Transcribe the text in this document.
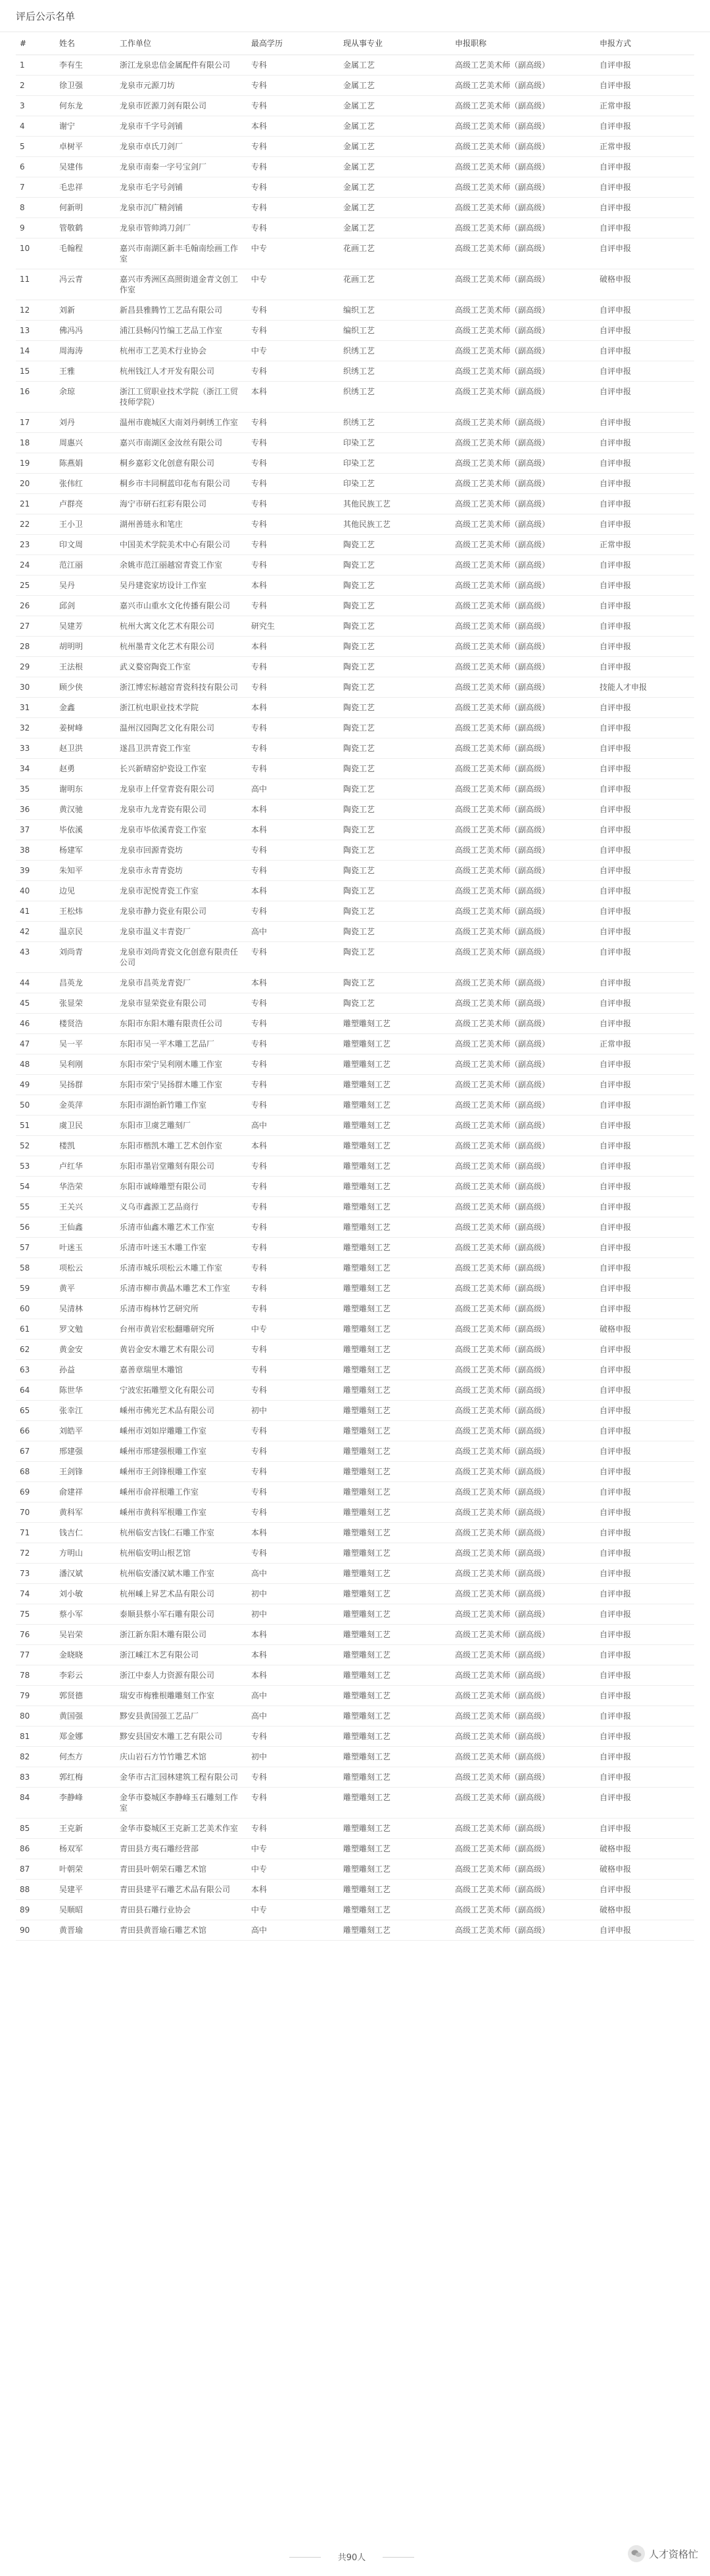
评后公示名单
#	姓名	工作单位	最高学历	现从事专业	申报职称	申报方式
1	李有生	浙江龙泉忠信金属配件有限公司	专科	金属工艺	高级工艺美术师（副高级）	自评申报
2	徐卫强	龙泉市元源刀坊	专科	金属工艺	高级工艺美术师（副高级）	自评申报
3	何东龙	龙泉市匠源刀剑有限公司	专科	金属工艺	高级工艺美术师（副高级）	正常申报
4	谢宁	龙泉市千字号剑铺	本科	金属工艺	高级工艺美术师（副高级）	自评申报
5	卓树平	龙泉市卓氏刀剑厂	专科	金属工艺	高级工艺美术师（副高级）	正常申报
6	吴建伟	龙泉市南秦一字号宝剑厂	专科	金属工艺	高级工艺美术师（副高级）	自评申报
7	毛忠祥	龙泉市毛字号剑铺	专科	金属工艺	高级工艺美术师（副高级）	自评申报
8	何新明	龙泉市沉广精剑铺	专科	金属工艺	高级工艺美术师（副高级）	自评申报
9	管敬鹤	龙泉市管帅鸿刀剑厂	专科	金属工艺	高级工艺美术师（副高级）	自评申报
10	毛翰程	嘉兴市南湖区新丰毛翰南绘画工作室	中专	花画工艺	高级工艺美术师（副高级）	自评申报
11	冯云青	嘉兴市秀洲区高照街道金青文创工作室	中专	花画工艺	高级工艺美术师（副高级）	破格申报
12	刘新	新昌县雅腾竹工艺品有限公司	专科	编织工艺	高级工艺美术师（副高级）	自评申报
13	佛冯冯	浦江县畅闪竹编工艺品工作室	专科	编织工艺	高级工艺美术师（副高级）	自评申报
14	周海涛	杭州市工艺美术行业协会	中专	织绣工艺	高级工艺美术师（副高级）	自评申报
15	王雅	杭州钱江人才开发有限公司	专科	织绣工艺	高级工艺美术师（副高级）	自评申报
16	余琼	浙江工贸职业技术学院（浙江工贸技师学院）	本科	织绣工艺	高级工艺美术师（副高级）	自评申报
17	刘丹	温州市鹿城区大南刘丹刺绣工作室	专科	织绣工艺	高级工艺美术师（副高级）	自评申报
18	周惠兴	嘉兴市南湖区金汝丝有限公司	专科	印染工艺	高级工艺美术师（副高级）	自评申报
19	陈燕娟	桐乡嘉彩文化创意有限公司	专科	印染工艺	高级工艺美术师（副高级）	自评申报
20	张伟红	桐乡市丰同桐蓝印花布有限公司	专科	印染工艺	高级工艺美术师（副高级）	自评申报
21	卢群亮	海宁市研石红彩有限公司	专科	其他民族工艺	高级工艺美术师（副高级）	自评申报
22	王小卫	湖州善琏永和笔庄	专科	其他民族工艺	高级工艺美术师（副高级）	自评申报
23	印文周	中国美术学院美术中心有限公司	专科	陶瓷工艺	高级工艺美术师（副高级）	正常申报
24	范江丽	余姚市范江丽越窑青瓷工作室	专科	陶瓷工艺	高级工艺美术师（副高级）	自评申报
25	吴丹	吴丹建瓷家坊设计工作室	本科	陶瓷工艺	高级工艺美术师（副高级）	自评申报
26	邱剑	嘉兴市山重水文化传播有限公司	专科	陶瓷工艺	高级工艺美术师（副高级）	自评申报
27	吴建芳	杭州大寓文化艺术有限公司	研究生	陶瓷工艺	高级工艺美术师（副高级）	自评申报
28	胡明明	杭州墨青文化艺术有限公司	本科	陶瓷工艺	高级工艺美术师（副高级）	自评申报
29	王法根	武义婺窑陶瓷工作室	专科	陶瓷工艺	高级工艺美术师（副高级）	自评申报
30	顾少侠	浙江博宏标越窑青瓷科技有限公司	专科	陶瓷工艺	高级工艺美术师（副高级）	技能人才申报
31	金鑫	浙江杭电职业技术学院	本科	陶瓷工艺	高级工艺美术师（副高级）	自评申报
32	姜树峰	温州汉园陶艺文化有限公司	专科	陶瓷工艺	高级工艺美术师（副高级）	自评申报
33	赵卫洪	遂昌卫洪青瓷工作室	专科	陶瓷工艺	高级工艺美术师（副高级）	自评申报
34	赵勇	长兴新晴窑炉瓷设工作室	专科	陶瓷工艺	高级工艺美术师（副高级）	自评申报
35	谢明东	龙泉市上仟堂青瓷有限公司	高中	陶瓷工艺	高级工艺美术师（副高级）	自评申报
36	黄汉驰	龙泉市九龙青瓷有限公司	本科	陶瓷工艺	高级工艺美术师（副高级）	自评申报
37	毕依溪	龙泉市毕依溪青瓷工作室	本科	陶瓷工艺	高级工艺美术师（副高级）	自评申报
38	杨建军	龙泉市回源青瓷坊	专科	陶瓷工艺	高级工艺美术师（副高级）	自评申报
39	朱知平	龙泉市永青青瓷坊	专科	陶瓷工艺	高级工艺美术师（副高级）	自评申报
40	边见	龙泉市泥悦青瓷工作室	本科	陶瓷工艺	高级工艺美术师（副高级）	自评申报
41	王松炜	龙泉市静力瓷业有限公司	专科	陶瓷工艺	高级工艺美术师（副高级）	自评申报
42	温京民	龙泉市温义丰青瓷厂	高中	陶瓷工艺	高级工艺美术师（副高级）	自评申报
43	刘尚青	龙泉市刘尚青瓷文化创意有限责任公司	专科	陶瓷工艺	高级工艺美术师（副高级）	自评申报
44	昌英龙	龙泉市昌英龙青瓷厂	本科	陶瓷工艺	高级工艺美术师（副高级）	自评申报
45	张显荣	龙泉市显荣瓷业有限公司	专科	陶瓷工艺	高级工艺美术师（副高级）	自评申报
46	楼贤浩	东阳市东阳木雕有限责任公司	专科	雕塑雕刻工艺	高级工艺美术师（副高级）	自评申报
47	吴一平	东阳市吴一平木雕工艺品厂	专科	雕塑雕刻工艺	高级工艺美术师（副高级）	正常申报
48	吴利刚	东阳市荣宁吴利刚木雕工作室	专科	雕塑雕刻工艺	高级工艺美术师（副高级）	自评申报
49	吴扬群	东阳市荣宁吴扬群木雕工作室	专科	雕塑雕刻工艺	高级工艺美术师（副高级）	自评申报
50	金英萍	东阳市湖怡新竹雕工作室	专科	雕塑雕刻工艺	高级工艺美术师（副高级）	自评申报
51	虞卫民	东阳市卫虞艺雕刻厂	高中	雕塑雕刻工艺	高级工艺美术师（副高级）	自评申报
52	楼凯	东阳市楷凯木雕工艺术创作室	本科	雕塑雕刻工艺	高级工艺美术师（副高级）	自评申报
53	卢红华	东阳市墨岩堂雕刻有限公司	专科	雕塑雕刻工艺	高级工艺美术师（副高级）	自评申报
54	华浩荣	东阳市诚峰雕塑有限公司	专科	雕塑雕刻工艺	高级工艺美术师（副高级）	自评申报
55	王关兴	义乌市鑫源工艺品商行	专科	雕塑雕刻工艺	高级工艺美术师（副高级）	自评申报
56	王仙鑫	乐清市仙鑫木雕艺术工作室	专科	雕塑雕刻工艺	高级工艺美术师（副高级）	自评申报
57	叶迷玉	乐清市叶迷玉木雕工作室	专科	雕塑雕刻工艺	高级工艺美术师（副高级）	自评申报
58	项松云	乐清市城乐项松云木雕工作室	专科	雕塑雕刻工艺	高级工艺美术师（副高级）	自评申报
59	黄平	乐清市柳市黄晶木雕艺术工作室	专科	雕塑雕刻工艺	高级工艺美术师（副高级）	自评申报
60	吴清林	乐清市梅林竹艺研究所	专科	雕塑雕刻工艺	高级工艺美术师（副高级）	自评申报
61	罗文勉	台州市黄岩宏松翻雕研究所	中专	雕塑雕刻工艺	高级工艺美术师（副高级）	破格申报
62	黄金安	黄岩金安木雕艺术有限公司	专科	雕塑雕刻工艺	高级工艺美术师（副高级）	自评申报
63	孙益	嘉善章瑞里木雕馆	专科	雕塑雕刻工艺	高级工艺美术师（副高级）	自评申报
64	陈世华	宁波宏拓雕塑文化有限公司	专科	雕塑雕刻工艺	高级工艺美术师（副高级）	自评申报
65	张幸江	嵊州市佛光艺术品有限公司	初中	雕塑雕刻工艺	高级工艺美术师（副高级）	自评申报
66	刘皓平	嵊州市刘如岸雕雕工作室	专科	雕塑雕刻工艺	高级工艺美术师（副高级）	自评申报
67	邢建强	嵊州市邢建强根雕工作室	专科	雕塑雕刻工艺	高级工艺美术师（副高级）	自评申报
68	王剑锋	嵊州市王剑锋根雕工作室	专科	雕塑雕刻工艺	高级工艺美术师（副高级）	自评申报
69	俞建祥	嵊州市俞祥根雕工作室	专科	雕塑雕刻工艺	高级工艺美术师（副高级）	自评申报
70	黄科军	嵊州市黄科军根雕工作室	专科	雕塑雕刻工艺	高级工艺美术师（副高级）	自评申报
71	钱吉仁	杭州临安吉钱仁石雕工作室	本科	雕塑雕刻工艺	高级工艺美术师（副高级）	自评申报
72	方明山	杭州临安明山根艺馆	专科	雕塑雕刻工艺	高级工艺美术师（副高级）	自评申报
73	潘汉斌	杭州临安潘汉斌木雕工作室	高中	雕塑雕刻工艺	高级工艺美术师（副高级）	自评申报
74	刘小敏	杭州嵊上昇艺术品有限公司	初中	雕塑雕刻工艺	高级工艺美术师（副高级）	自评申报
75	蔡小军	泰顺县蔡小军石雕有限公司	初中	雕塑雕刻工艺	高级工艺美术师（副高级）	自评申报
76	吴岩荣	浙江新东阳木雕有限公司	本科	雕塑雕刻工艺	高级工艺美术师（副高级）	自评申报
77	金晓晓	浙江嵊江木艺有限公司	本科	雕塑雕刻工艺	高级工艺美术师（副高级）	自评申报
78	李彩云	浙江中泰人力资源有限公司	本科	雕塑雕刻工艺	高级工艺美术师（副高级）	自评申报
79	郭贤德	瑞安市梅雅根雕雕刻工作室	高中	雕塑雕刻工艺	高级工艺美术师（副高级）	自评申报
80	黄国强	黟安县黄国强工艺品厂	高中	雕塑雕刻工艺	高级工艺美术师（副高级）	自评申报
81	郑金娜	黟安县国安木雕工艺有限公司	专科	雕塑雕刻工艺	高级工艺美术师（副高级）	自评申报
82	何杰方	庆山岩石方竹竹雕艺术馆	初中	雕塑雕刻工艺	高级工艺美术师（副高级）	自评申报
83	郭红梅	金华市古汇园林建筑工程有限公司	专科	雕塑雕刻工艺	高级工艺美术师（副高级）	自评申报
84	李静峰	金华市婺城区李静峰玉石雕刻工作室	专科	雕塑雕刻工艺	高级工艺美术师（副高级）	自评申报
85	王克新	金华市婺城区王克新工艺美术作室	专科	雕塑雕刻工艺	高级工艺美术师（副高级）	自评申报
86	杨双军	青田县方夷石雕经营部	中专	雕塑雕刻工艺	高级工艺美术师（副高级）	破格申报
87	叶朝荣	青田县叶朝荣石雕艺术馆	中专	雕塑雕刻工艺	高级工艺美术师（副高级）	破格申报
88	吴建平	青田县建平石雕艺术品有限公司	本科	雕塑雕刻工艺	高级工艺美术师（副高级）	自评申报
89	吴顺昭	青田县石雕行业协会	中专	雕塑雕刻工艺	高级工艺美术师（副高级）	破格申报
90	黄晋瑜	青田县黄晋瑜石雕艺术馆	高中	雕塑雕刻工艺	高级工艺美术师（副高级）	自评申报
共90人	人才资格忙
